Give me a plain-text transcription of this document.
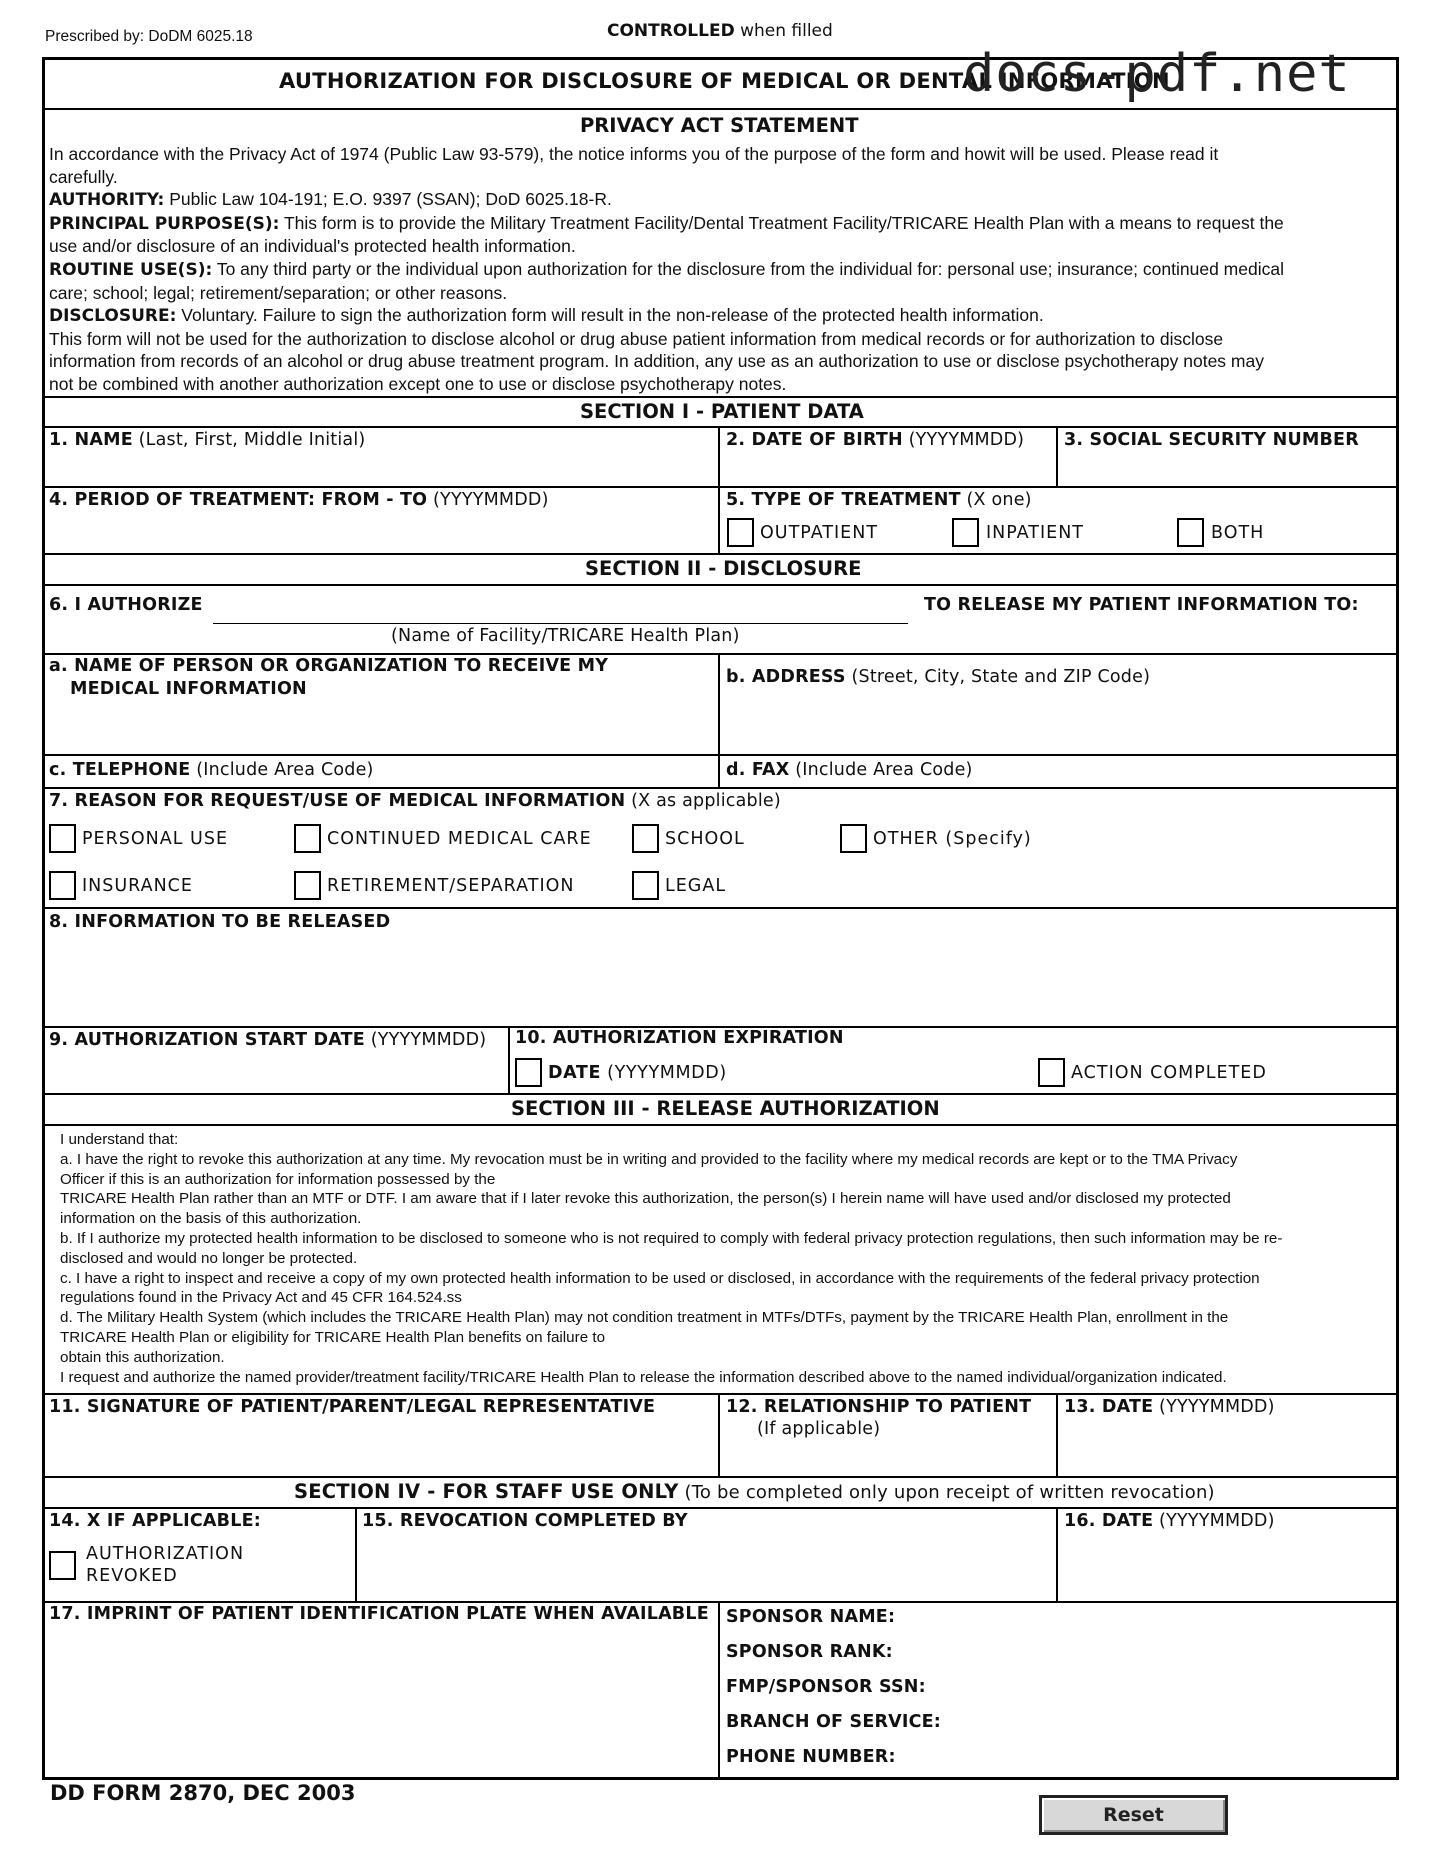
Prescribed by: DoDM 6025.18	CONTROLLED when filled
AUTHORIZATION FOR DISCLOSURE OF MEDICAL OR DENTAL INFORMATION
docs-pdf.net
PRIVACY ACT STATEMENT
In accordance with the Privacy Act of 1974 (Public Law 93-579), the notice informs you of the purpose of the form and howit will be used. Please read it
carefully.
AUTHORITY: Public Law 104-191; E.O. 9397 (SSAN); DoD 6025.18-R.
PRINCIPAL PURPOSE(S): This form is to provide the Military Treatment Facility/Dental Treatment Facility/TRICARE Health Plan with a means to request the
use and/or disclosure of an individual's protected health information.
ROUTINE USE(S): To any third party or the individual upon authorization for the disclosure from the individual for: personal use; insurance; continued medical
care; school; legal; retirement/separation; or other reasons.
DISCLOSURE: Voluntary. Failure to sign the authorization form will result in the non-release of the protected health information.
This form will not be used for the authorization to disclose alcohol or drug abuse patient information from medical records or for authorization to disclose
information from records of an alcohol or drug abuse treatment program. In addition, any use as an authorization to use or disclose psychotherapy notes may
not be combined with another authorization except one to use or disclose psychotherapy notes.
SECTION I - PATIENT DATA
1. NAME (Last, First, Middle Initial)	2. DATE OF BIRTH (YYYYMMDD) 3. SOCIAL SECURITY NUMBER
4. PERIOD OF TREATMENT: FROM - TO (YYYYMMDD)	5. TYPE OF TREATMENT (X one)
OUTPATIENT	INPATIENT	BOTH
SECTION II - DISCLOSURE
6. I AUTHORIZE
(Name of Facility/TRICARE Health Plan)
TO RELEASE MY PATIENT INFORMATION TO:
a. NAME OF PERSON OR ORGANIZATION TO RECEIVE MY
MEDICAL INFORMATION
b. ADDRESS (Street, City, State and ZIP Code)
c. TELEPHONE (Include Area Code)	d. FAX (Include Area Code)
7. REASON FOR REQUEST/USE OF MEDICAL INFORMATION (X as applicable)
PERSONAL USE	CONTINUED MEDICAL CARE	SCHOOL	OTHER (Specify)
INSURANCE	RETIREMENT/SEPARATION	LEGAL
8. INFORMATION TO BE RELEASED
9. AUTHORIZATION START DATE (YYYYMMDD) 10. AUTHORIZATION EXPIRATION
DATE (YYYYMMDD)	ACTION COMPLETED
SECTION III - RELEASE AUTHORIZATION
I understand that:
a. I have the right to revoke this authorization at any time. My revocation must be in writing and provided to the facility where my medical records are kept or to the TMA Privacy
Officer if this is an authorization for information possessed by the
TRICARE Health Plan rather than an MTF or DTF. I am aware that if I later revoke this authorization, the person(s) I herein name will have used and/or disclosed my protected
information on the basis of this authorization.
b. If I authorize my protected health information to be disclosed to someone who is not required to comply with federal privacy protection regulations, then such information may be re-
disclosed and would no longer be protected.
c. I have a right to inspect and receive a copy of my own protected health information to be used or disclosed, in accordance with the requirements of the federal privacy protection
regulations found in the Privacy Act and 45 CFR 164.524.ss
d. The Military Health System (which includes the TRICARE Health Plan) may not condition treatment in MTFs/DTFs, payment by the TRICARE Health Plan, enrollment in the
TRICARE Health Plan or eligibility for TRICARE Health Plan benefits on failure to
obtain this authorization.
I request and authorize the named provider/treatment facility/TRICARE Health Plan to release the information described above to the named individual/organization indicated.
11. SIGNATURE OF PATIENT/PARENT/LEGAL REPRESENTATIVE	12. RELATIONSHIP TO PATIENT
(If applicable)
13. DATE (YYYYMMDD)
SECTION IV - FOR STAFF USE ONLY (To be completed only upon receipt of written revocation)
14. X IF APPLICABLE:
AUTHORIZATION
REVOKED
15. REVOCATION COMPLETED BY	16. DATE (YYYYMMDD)
17. IMPRINT OF PATIENT IDENTIFICATION PLATE WHEN AVAILABLE SPONSOR NAME:
SPONSOR RANK:
FMP/SPONSOR SSN:
BRANCH OF SERVICE:
PHONE NUMBER:
DD FORM 2870, DEC 2003
Reset
